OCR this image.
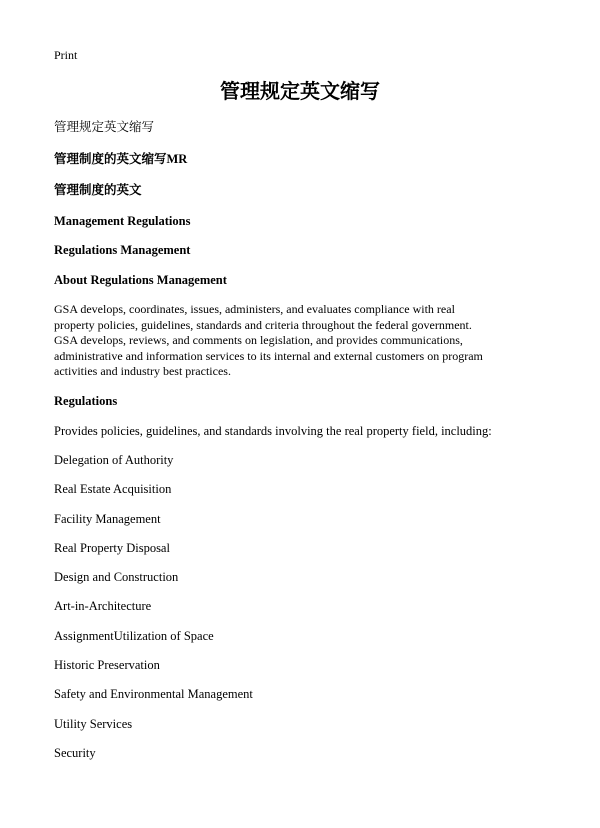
Print
管理规定英文缩写
管理规定英文缩写
管理制度的英文缩写MR
管理制度的英文
Management Regulations
Regulations Management
About Regulations Management
GSA develops, coordinates, issues, administers, and evaluates compliance with real
property policies, guidelines, standards and criteria throughout the federal government.
GSA develops, reviews, and comments on legislation, and provides communications,
administrative and information services to its internal and external customers on program
activities and industry best practices.
Regulations
Provides policies, guidelines, and standards involving the real property field, including:
Delegation of Authority
Real Estate Acquisition
Facility Management
Real Property Disposal
Design and Construction
Art-in-Architecture
AssignmentUtilization of Space
Historic Preservation
Safety and Environmental Management
Utility Services
Security
